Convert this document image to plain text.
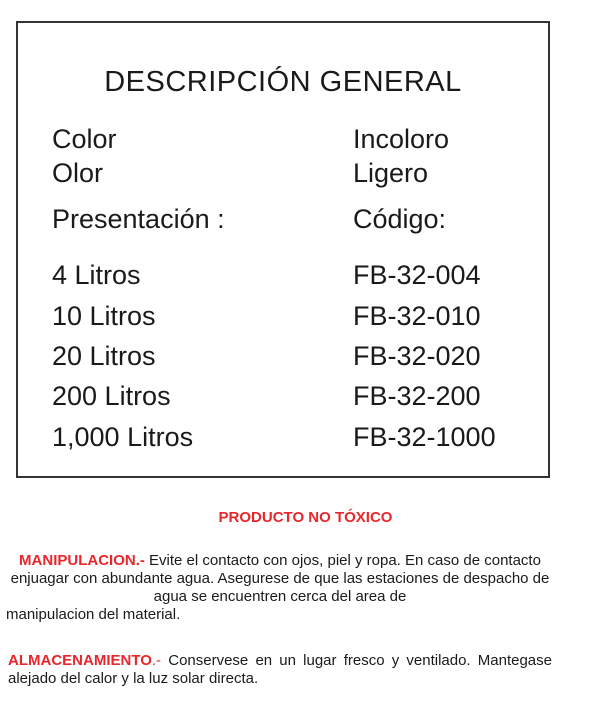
DESCRIPCIÓN GENERAL
Color	Incoloro
Olor	Ligero
Presentación :	Código:
4 Litros	FB-32-004
10 Litros	FB-32-010
20 Litros	FB-32-020
200 Litros	FB-32-200
1,000 Litros	FB-32-1000
PRODUCTO NO TÓXICO
MANIPULACION.- Evite el contacto con ojos, piel y ropa. En caso de contacto enjuagar con abundante agua. Asegurese de que las estaciones de despacho de agua se encuentren cerca del area de
manipulacion del material.
ALMACENAMIENTO.- Conservese en un lugar fresco y ventilado. Mantegase alejado del calor y la luz solar directa.
